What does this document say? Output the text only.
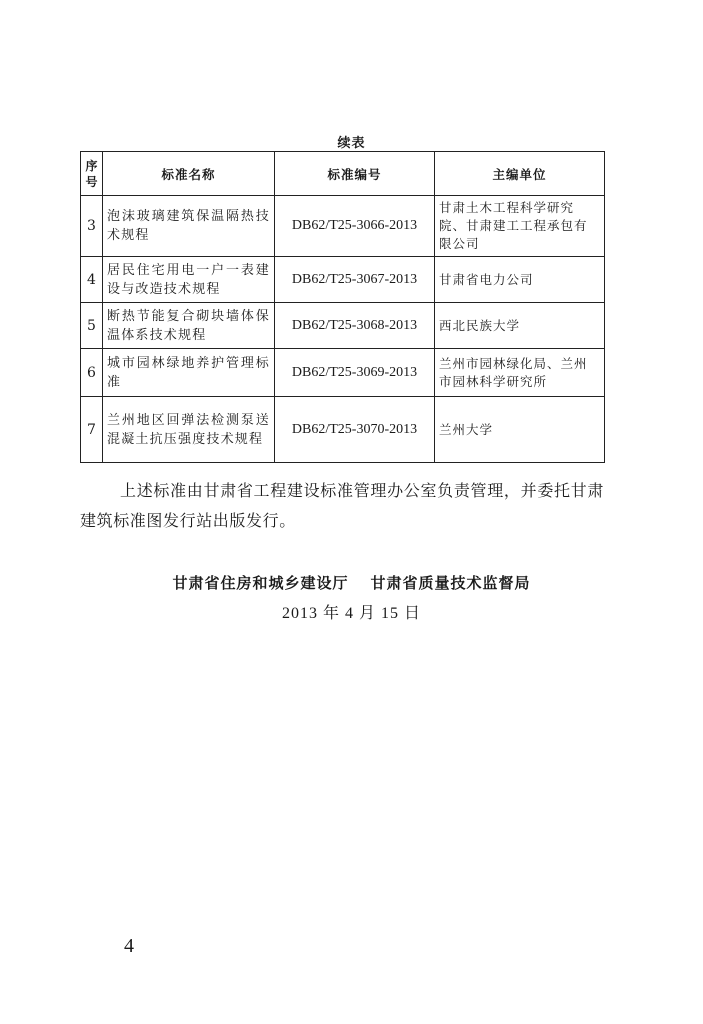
续表
序号	标准名称	标准编号	主编单位
3	泡沫玻璃建筑保温隔热技术规程	DB62/T25-3066-2013	甘肃土木工程科学研究院、甘肃建工工程承包有限公司
4	居民住宅用电一户一表建设与改造技术规程	DB62/T25-3067-2013	甘肃省电力公司
5	断热节能复合砌块墙体保温体系技术规程	DB62/T25-3068-2013	西北民族大学
6	城市园林绿地养护管理标准	DB62/T25-3069-2013	兰州市园林绿化局、兰州市园林科学研究所
7	兰州地区回弹法检测泵送混凝土抗压强度技术规程	DB62/T25-3070-2013	兰州大学
上述标准由甘肃省工程建设标准管理办公室负责管理，并委托甘肃建筑标准图发行站出版发行。
甘肃省住房和城乡建设厅 甘肃省质量技术监督局
2013 年 4 月 15 日
4
